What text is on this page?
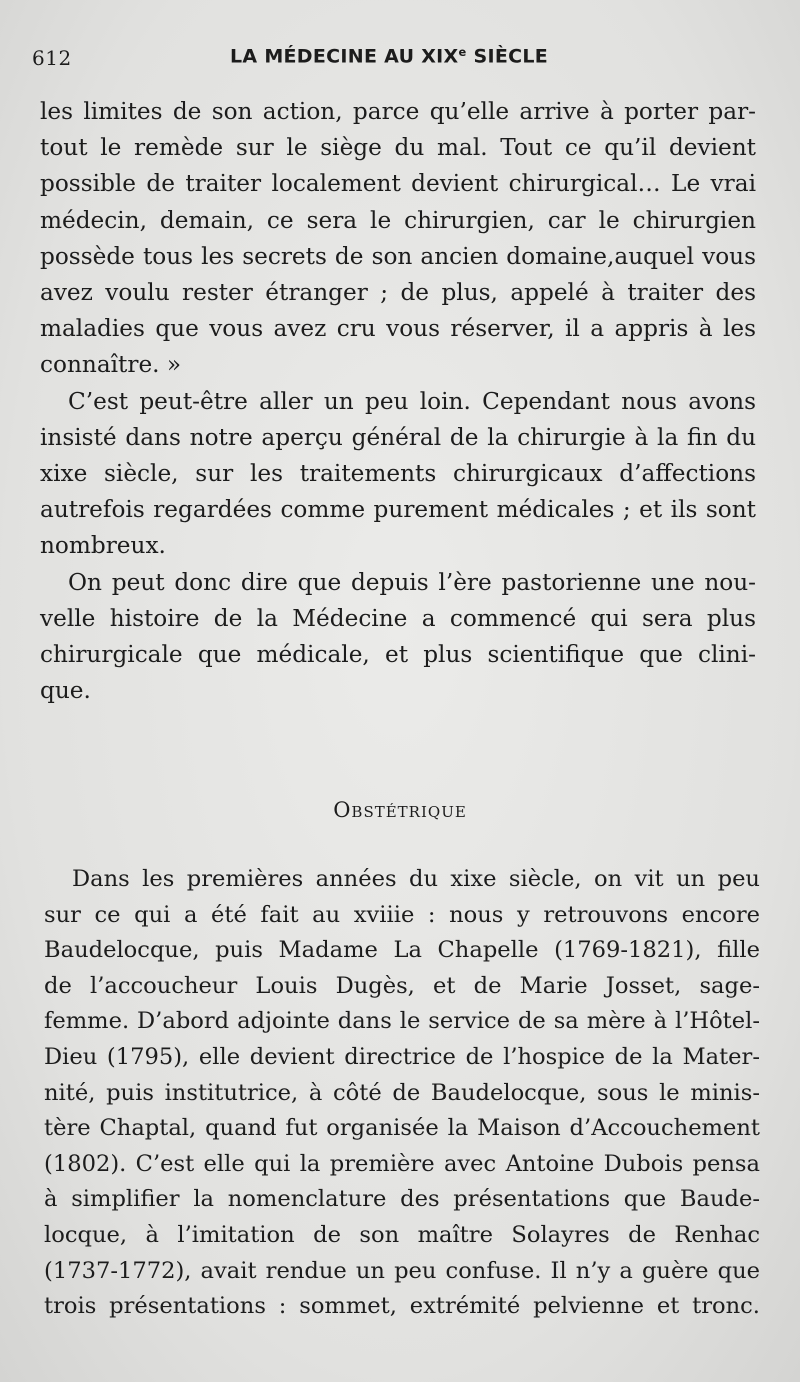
612	LA MÉDECINE AU XIXe SIÈCLE
les limites de son action, parce qu’elle arrive à porter par-
tout le remède sur le siège du mal. Tout ce qu’il devient
possible de traiter localement devient chirurgical… Le vrai
médecin, demain, ce sera le chirurgien, car le chirurgien
possède tous les secrets de son ancien domaine,auquel vous
avez voulu rester étranger ; de plus, appelé à traiter des
maladies que vous avez cru vous réserver, il a appris à les
connaître. »
C’est peut-être aller un peu loin. Cependant nous avons
insisté dans notre aperçu général de la chirurgie à la fin du
xixe siècle, sur les traitements chirurgicaux d’affections
autrefois regardées comme purement médicales ; et ils sont
nombreux.
On peut donc dire que depuis l’ère pastorienne une nou-
velle histoire de la Médecine a commencé qui sera plus
chirurgicale que médicale, et plus scientifique que clini-
que.
Obstétrique
Dans les premières années du xixe siècle, on vit un peu
sur ce qui a été fait au xviiie : nous y retrouvons encore
Baudelocque, puis Madame La Chapelle (1769-1821), fille
de l’accoucheur Louis Dugès, et de Marie Josset, sage-
femme. D’abord adjointe dans le service de sa mère à l’Hôtel-
Dieu (1795), elle devient directrice de l’hospice de la Mater-
nité, puis institutrice, à côté de Baudelocque, sous le minis-
tère Chaptal, quand fut organisée la Maison d’Accouchement
(1802). C’est elle qui la première avec Antoine Dubois pensa
à simplifier la nomenclature des présentations que Baude-
locque, à l’imitation de son maître Solayres de Renhac
(1737-1772), avait rendue un peu confuse. Il n’y a guère que
trois présentations : sommet, extrémité pelvienne et tronc.
